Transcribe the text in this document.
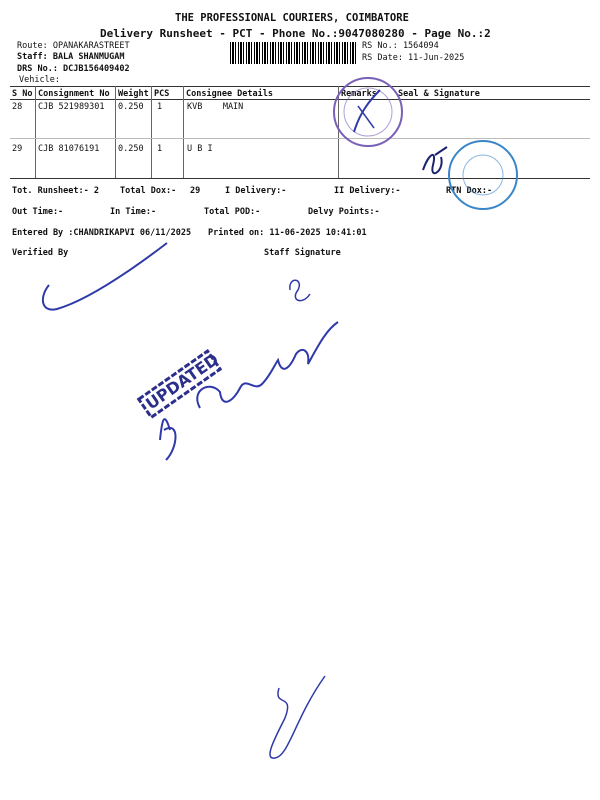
THE PROFESSIONAL COURIERS, COIMBATORE
Delivery Runsheet - PCT - Phone No.:9047080280 - Page No.:2
Route: OPANAKARASTREET
Staff: BALA SHANMUGAM
DRS No.: DCJB156409402
Vehicle:
RS No.: 1564094
RS Date: 11-Jun-2025
S No Consignment No Weight PCS Consignee Details	Remarks Seal & Signature
28 CJB 521989301 0.250 1	KVB    MAIN
29 CJB 81076191 0.250 1	U B I
Tot. Runsheet:- 2 Total Dox:- 29	I Delivery:-	II Delivery:-	RTN Dox:-
Out Time:-	In Time:-	Total POD:-	Delvy Points:-
Entered By :CHANDRIKAPVI 06/11/2025 Printed on: 11-06-2025 10:41:01
Verified By	Staff Signature
UPDATED
